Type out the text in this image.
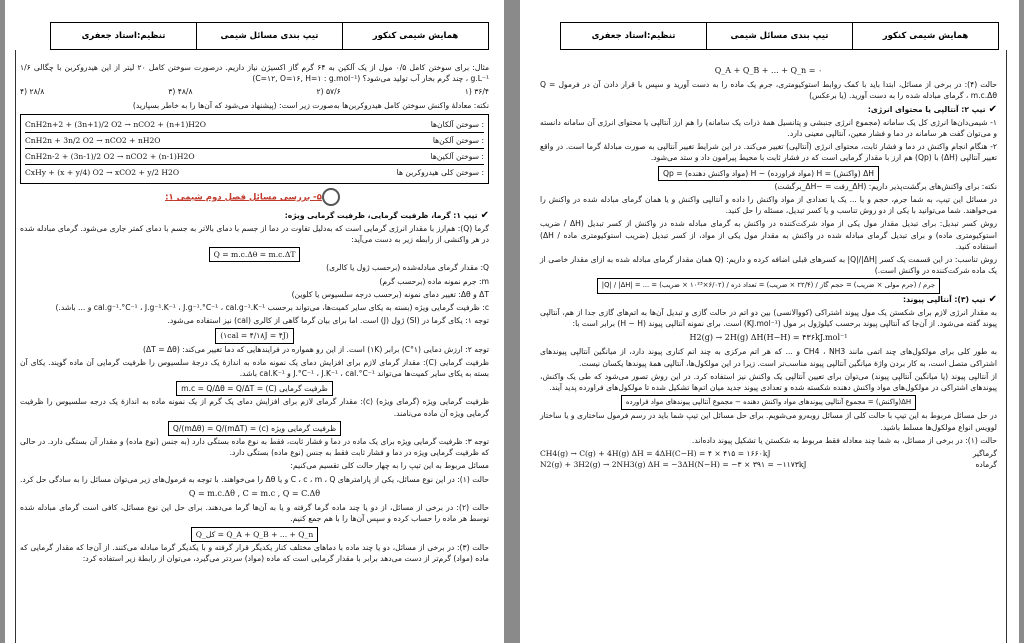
همایش شیمی کنکور
تیپ بندی مسائل شیمی
تنظیم:استاد جعفری

مثال: برای سوختن کامل ۰/۵ مول از یک آلکین به ۶۴ گرم گاز اکسیژن نیاز داریم. درصورت سوختن کامل ۲۰ لیتر از این هیدروکربن با چگالی ۱/۶ g.L⁻¹ ، چند گرم بخار آب تولید می‌شود؟ (C=۱۲, O=۱۶, H=۱ : g.mol⁻¹)

۳۶/۴ (۱
۵۷/۶ (۲
۴۸/۸ (۳
۲۸/۸ (۴

نکته: معادلهٔ واکنش سوختن کامل هیدروکربن‌ها به‌صورت زیر است: (پیشنهاد می‌شود که آن‌ها را به خاطر بسپارید)

: سوختن آلکان‌ها
CnH2n+2 + (3n+1)/2 O2 → nCO2 + (n+1)H2O
: سوختن آلکن‌ها
CnH2n + 3n/2 O2 → nCO2 + nH2O
: سوختن آلکین‌ها
CnH2n-2 + (3n-1)/2 O2 → nCO2 + (n-1)H2O
: سوختن کلی هیدروکربن ها
CxHy + (x + y/4) O2 → xCO2 + y/2 H2O
۵- بررسی مسائل فصل دوم شیمی ۱:

✔تیپ ۱: گرما، ظرفیت گرمایی، ظرفیت گرمایی ویژه:

گرما (Q): هم‌ارز با مقدار انرژی گرمایی است که به‌دلیل تفاوت در دما از جسم با دمای بالاتر به جسم با دمای کمتر جاری می‌شود. گرمای مبادله شده در هر واکنشی از رابطه زیر به دست می‌آید:

Q = m.c.Δθ = m.c.ΔT

Q: مقدار گرمای مبادله‌شده (برحسب ژول یا کالری)

m: جرم نمونه ماده (برحسب گرم)

ΔT و Δθ: تغییر دمای نمونه (برحسب درجه سلسیوس یا کلوین)

c: ظرفیت گرمایی ویژه (بسته به یکای سایر کمیت‌ها، می‌تواند برحسب cal.g⁻¹.°C⁻¹ ، J.g⁻¹.K⁻¹ ، J.g⁻¹.°C⁻¹ ، cal.g⁻¹.K⁻¹ و ... باشد.)

توجه ۱: یکای گرما در (SI) ژول (J) است. اما برای بیان گرما گاهی از کالری (cal) نیز استفاده می‌شود.

(۱cal = ۴/۱۸J = ۴J)

توجه ۲: ارزش دمایی (۱°C) برابر (۱K) است. از این رو همواره در فرایندهایی که دما تغییر می‌کند: (ΔT = Δθ)

ظرفیت گرمایی (C): مقدار گرمای لازم برای افزایش دمای یک نمونه ماده به اندازهٔ یک درجهٔ سلسیوس را ظرفیت گرمایی آن ماده گویند. یکای آن بسته به یکای سایر کمیت‌ها می‌تواند J.°C⁻¹ ، J.K⁻¹ ، cal.°C⁻¹ و cal.K⁻¹ باشد.

ظرفیت گرمایی (C) = m.c = Q/Δθ = Q/ΔT

ظرفیت گرمایی ویژه (گرمای ویژه) (c): مقدار گرمای لازم برای افزایش دمای یک گرم از یک نمونه ماده به اندازهٔ یک درجه سلسیوس را ظرفیت گرمایی ویژه آن ماده می‌نامند.

ظرفیت گرمایی ویژه (c) = Q/(mΔθ) = Q/(mΔT)

توجه ۳: ظرفیت گرمایی ویژه برای یک ماده در دما و فشار ثابت، فقط به نوع ماده بستگی دارد (به جنس (نوع ماده) و مقدار آن بستگی دارد. در حالی که ظرفیت گرمایی ویژه در دما و فشار ثابت فقط به جنس (نوع ماده) بستگی دارد.

مسائل مربوط به این تیپ را به چهار حالت کلی تقسیم می‌کنیم:

حالت (۱): در این نوع مسائل، یکی از پارامترهای C ، c ، m ، Q و یا Δθ را می‌خواهند. با توجه به فرمول‌های زیر می‌توان مسائل را به سادگی حل کرد.

Q = m.c.Δθ , C = m.c , Q = C.Δθ

حالت (۲): در برخی از مسائل، از دو یا چند ماده گرما گرفته و یا به آن‌ها گرما می‌دهند. برای حل این نوع مسائل، کافی است گرمای مبادله شده توسط هر ماده را حساب کرده و سپس آن‌ها را با هم جمع کنیم.

Q_کل = Q_A + Q_B + ... + Q_n

حالت (۳): در برخی از مسائل، دو یا چند ماده با دماهای مختلف کنار یکدیگر قرار گرفته و با یکدیگر گرما مبادله می‌کنند. از آن‌جا که مقدار گرمایی که ماده (مواد) گرم‌تر از دست می‌دهد برابر با مقدار گرمایی است که ماده (مواد) سردتر می‌گیرد، می‌توان از رابطهٔ زیر استفاده کرد:

همایش شیمی کنکور
تیپ بندی مسائل شیمی
تنظیم:استاد جعفری
Q_A + Q_B + ... + Q_n = ۰

حالت (۴): در برخی از مسائل، ابتدا باید با کمک روابط استوکیومتری، جرم یک ماده را به دست آورید و سپس با قرار دادن آن در فرمول Q = m.c.Δθ ، گرمای مبادله شده را به دست آورید. (یا برعکس)

✔تیپ ۲: آنتالپی یا محتوای انرژی:

۱- شیمی‌دان‌ها انرژی کل یک سامانه (مجموع انرژی جنبشی و پتانسیل همهٔ ذرات یک سامانه) را هم ارز آنتالپی یا محتوای انرژی آن سامانه دانسته و می‌توان گفت هر سامانه در دما و فشار معین، آنتالپی معینی دارد.

۲- هنگام انجام واکنش در دما و فشار ثابت، محتوای انرژی (آنتالپی) تغییر می‌کند. در این شرایط تغییر آنتالپی به صورت مبادلهٔ گرما است. در واقع تغییر آنتالپی (ΔH) با (Qp) هم ارز با مقدار گرمایی است که در فشار ثابت با محیط پیرامون داد و ستد می‌شود.

ΔH (واکنش) = H (مواد فراورده) − H (مواد واکنش دهنده) = Qp

نکته: برای واکنش‌های برگشت‌پذیر داریم: (ΔH_رفت = −ΔH_برگشت)

در مسائل این تیپ، به شما جرم، حجم و یا ... یک یا تعدادی از مواد واکنش را داده و آنتالپی واکنش و یا همان گرمای مبادله شده در واکنش را می‌خواهند. شما می‌توانید با یکی از دو روش تناسب و یا کسر تبدیل، مسئله را حل کنید.

روش کسر تبدیل: برای تبدیل مقدار مول یکی از مواد شرکت‌کننده در واکنش به گرمای مبادله شده در واکنش از کسر تبدیل (ΔH / ضریب استوکیومتری ماده) و برای تبدیل گرمای مبادله شده در واکنش به مقدار مول یکی از مواد، از کسر تبدیل (ضریب استوکیومتری ماده / ΔH) استفاده کنید.

روش تناسب: در این قسمت یک کسر |Q|/|ΔH| به کسرهای قبلی اضافه کرده و داریم: (Q همان مقدار گرمای مبادله شده به ازای مقدار خاصی از یک ماده شرکت‌کننده در واکنش است.)

جرم / (جرم مولی × ضریب) = حجم گاز / (۲۲/۴ × ضریب) = تعداد ذره / (۶/۰۲×۱۰²³ × ضریب) = ... = |Q| / |ΔH|

✔تیپ (۳): آنتالپی پیوند:

به مقدار انرژی لازم برای شکستن یک مول پیوند اشتراکی (کووالانسی) بین دو اتم در حالت گازی و تبدیل آن‌ها به اتم‌های گازی جدا از هم، آنتالپی پیوند گفته می‌شود. از آن‌جا که آنتالپی پیوند برحسب کیلوژول بر مول (KJ.mol⁻¹) است. برای نمونه آنتالپی پیوند (H − H) برابر است با:

H2(g) → 2H(g) ΔH(H−H) = ۴۳۶kJ.mol⁻¹

به طور کلی برای مولکول‌های چند اتمی مانند CH4 ، NH3 و ... که هر اتم مرکزی به چند اتم کناری پیوند دارد، از میانگین آنتالپی پیوندهای اشتراکی متصل است، به کار بردن واژهٔ میانگین آنتالپی پیوند مناسب‌تر است. زیرا در این مولکول‌ها، آنتالپی همهٔ پیوندها یکسان نیست.

از آنتالپی پیوند (یا میانگین آنتالپی پیوند) می‌توان برای تعیین آنتالپی یک واکنش نیز استفاده کرد. در این روش تصور می‌شود که طی یک واکنش، پیوندهای اشتراکی در مولکول‌های مواد واکنش دهنده شکسته شده و تعدادی پیوند جدید میان اتم‌ها تشکیل شده تا مولکول‌های فراورده پدید آیند.

ΔH(واکنش) = مجموع آنتالپی پیوندهای مواد واکنش دهنده − مجموع آنتالپی پیوندهای مواد فراورده

در حل مسائل مربوط به این تیپ با حالت کلی از مسائل روبه‌رو می‌شویم. برای حل مسائل این تیپ شما باید در رسم فرمول ساختاری و یا ساختار لوویس انواع مولکول‌ها مسلط باشید.

حالت (۱): در برخی از مسائل، به شما چند معادله فقط مربوط به شکستن یا تشکیل پیوند داده‌اند.

گرماگیر
CH4(g) → C(g) + 4H(g) ΔH = 4ΔH(C−H) = ۴ × ۴۱۵ = ۱۶۶۰kJ
گرماده
N2(g) + 3H2(g) → 2NH3(g) ΔH = −3ΔH(N−H) = −۳ × ۳۹۱ = −۱۱۷۳kJ
